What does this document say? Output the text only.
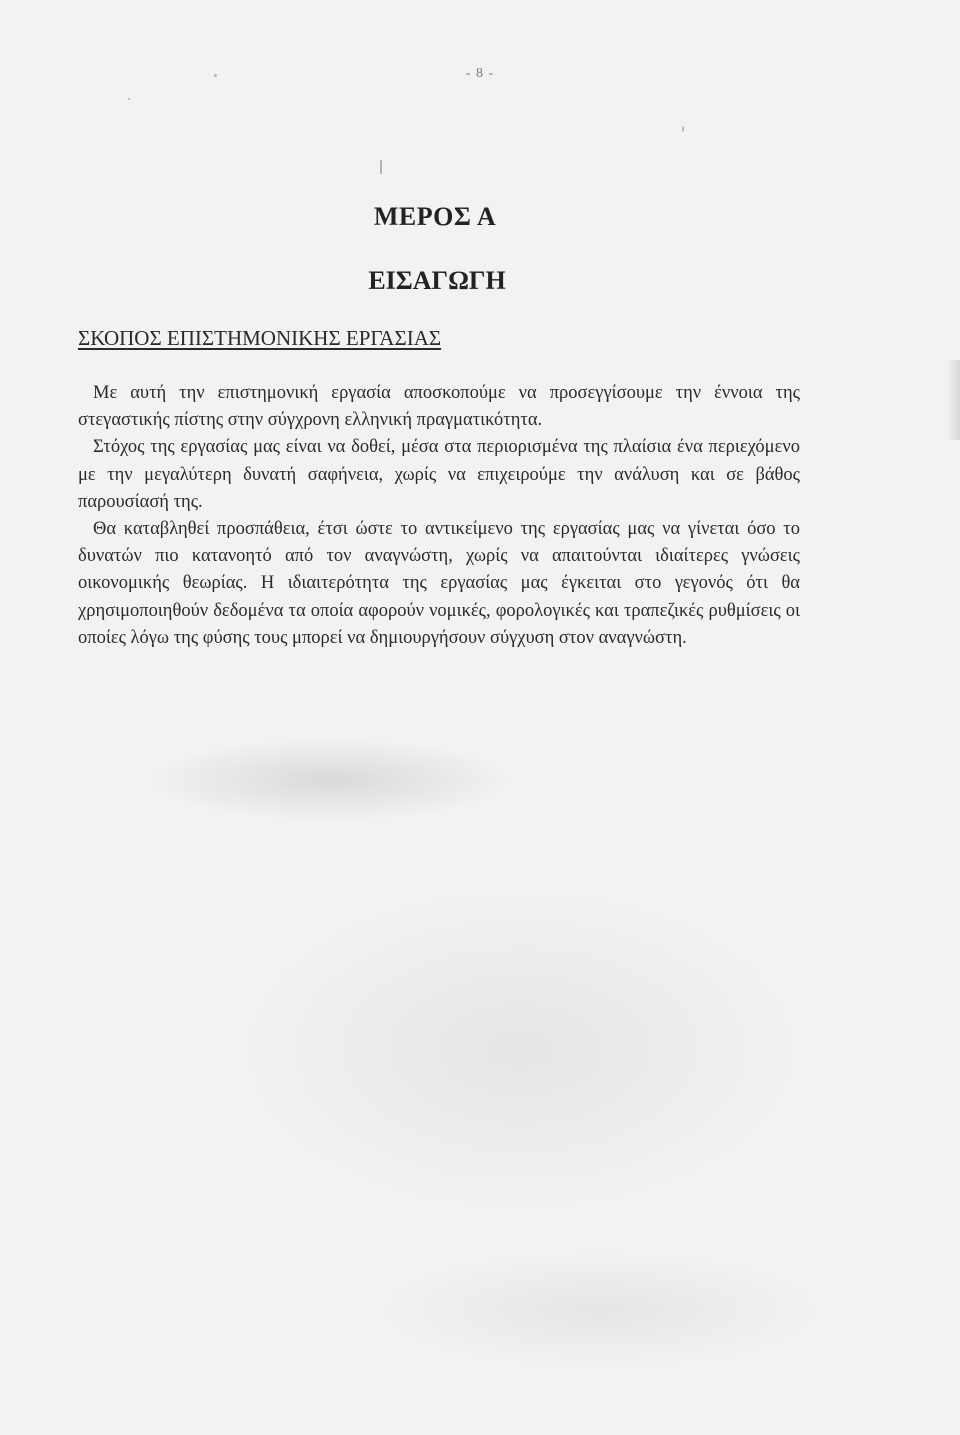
- 8 -
ΜΕΡΟΣ Α
ΕΙΣΑΓΩΓΗ
ΣΚΟΠΟΣ ΕΠΙΣΤΗΜΟΝΙΚΗΣ ΕΡΓΑΣΙΑΣ

Με αυτή την επιστημονική εργασία αποσκοπούμε να προσεγγίσουμε την έννοια της στεγαστικής πίστης στην σύγχρονη ελληνική πραγματικότητα.

Στόχος της εργασίας μας είναι να δοθεί, μέσα στα περιορισμένα της πλαίσια ένα περιεχόμενο με την μεγαλύτερη δυνατή σαφήνεια, χωρίς να επιχειρούμε την ανάλυση και σε βάθος παρουσίασή της.

Θα καταβληθεί προσπάθεια, έτσι ώστε το αντικείμενο της εργασίας μας να γίνεται όσο το δυνατών πιο κατανοητό από τον αναγνώστη, χωρίς να απαιτούνται ιδιαίτερες γνώσεις οικονομικής θεωρίας. Η ιδιαιτερότητα της εργασίας μας έγκειται στο γεγονός ότι θα χρησιμοποιηθούν δεδομένα τα οποία αφορούν νομικές, φορολογικές και τραπεζικές ρυθμίσεις οι οποίες λόγω της φύσης τους μπορεί να δημιουργήσουν σύγχυση στον αναγνώστη.
